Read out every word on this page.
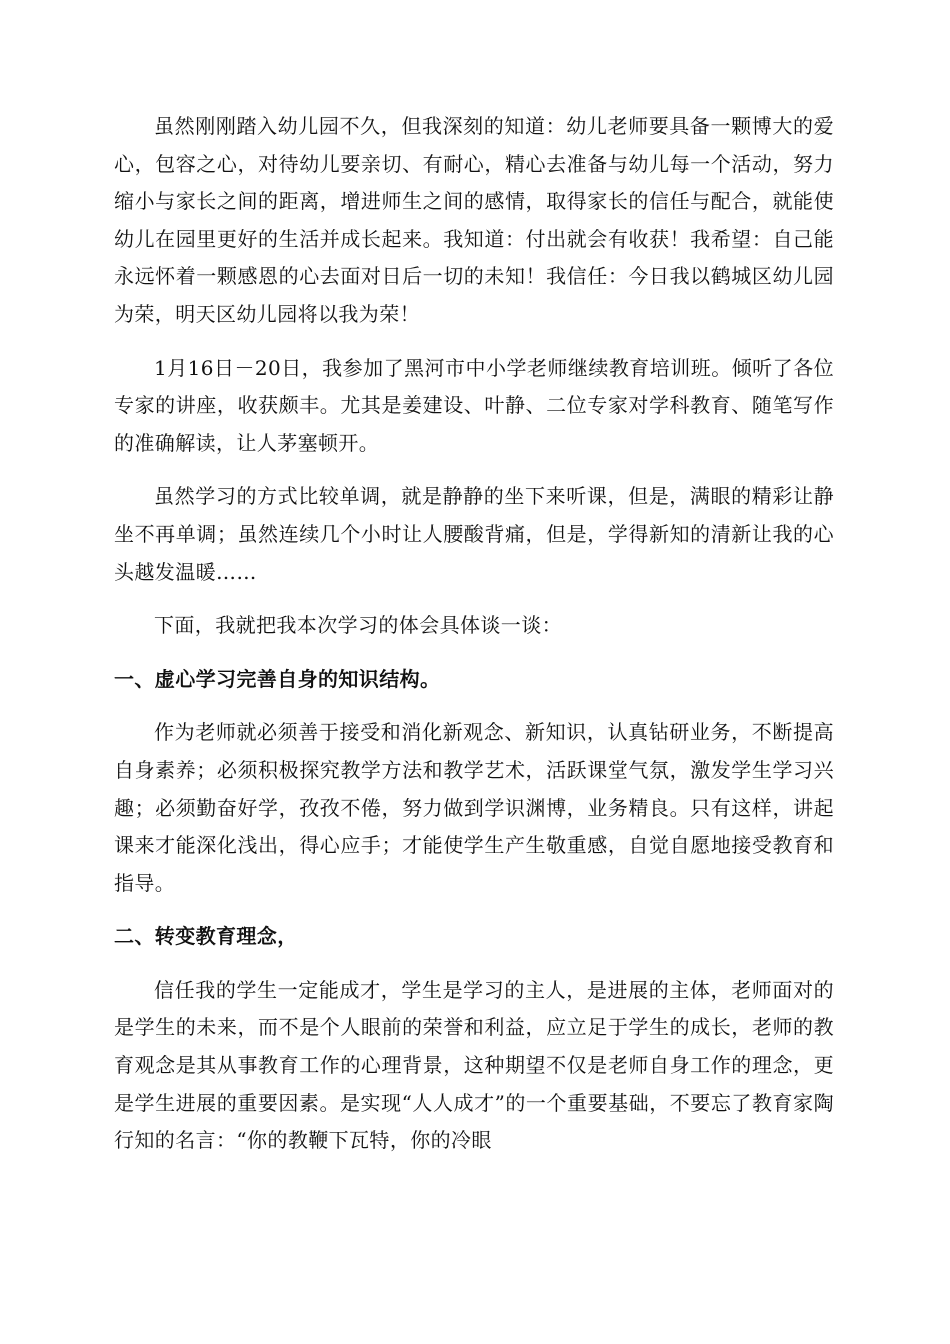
虽然刚刚踏入幼儿园不久，但我深刻的知道：幼儿老师要具备一颗博大的爱心，包容之心，对待幼儿要亲切、有耐心，精心去准备与幼儿每一个活动，努力缩小与家长之间的距离，增进师生之间的感情，取得家长的信任与配合，就能使幼儿在园里更好的生活并成长起来。我知道：付出就会有收获！我希望：自己能永远怀着一颗感恩的心去面对日后一切的未知！我信任：今日我以鹤城区幼儿园为荣，明天区幼儿园将以我为荣！

1月16日－20日，我参加了黑河市中小学老师继续教育培训班。倾听了各位专家的讲座，收获颇丰。尤其是姜建设、叶静、二位专家对学科教育、随笔写作的准确解读，让人茅塞顿开。

虽然学习的方式比较单调，就是静静的坐下来听课，但是，满眼的精彩让静坐不再单调；虽然连续几个小时让人腰酸背痛，但是，学得新知的清新让我的心头越发温暖……

下面，我就把我本次学习的体会具体谈一谈：

一、虚心学习完善自身的知识结构。

作为老师就必须善于接受和消化新观念、新知识，认真钻研业务，不断提高自身素养；必须积极探究教学方法和教学艺术，活跃课堂气氛，激发学生学习兴趣；必须勤奋好学，孜孜不倦，努力做到学识渊博，业务精良。只有这样，讲起课来才能深化浅出，得心应手；才能使学生产生敬重感，自觉自愿地接受教育和指导。

二、转变教育理念，

信任我的学生一定能成才，学生是学习的主人，是进展的主体，老师面对的是学生的未来，而不是个人眼前的荣誉和利益，应立足于学生的成长，老师的教育观念是其从事教育工作的心理背景，这种期望不仅是老师自身工作的理念，更是学生进展的重要因素。是实现“人人成才”的一个重要基础，不要忘了教育家陶行知的名言：“你的教鞭下瓦特，你的冷眼
